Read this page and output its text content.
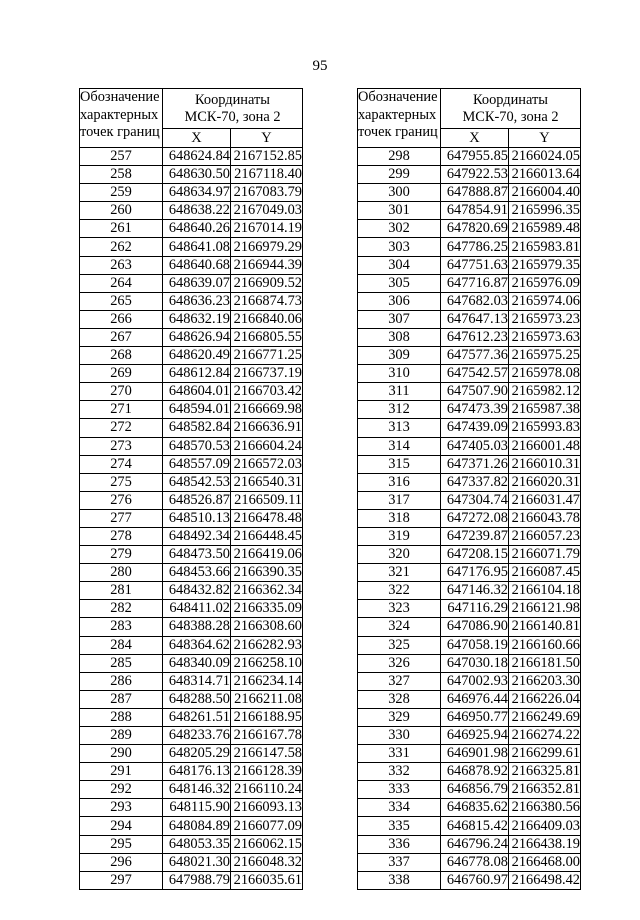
95
Обозначение
характерных
точек границ	Координаты
МСК-70, зона 2	
	X	Y
257	648624.84	2167152.85
258	648630.50	2167118.40
259	648634.97	2167083.79
260	648638.22	2167049.03
261	648640.26	2167014.19
262	648641.08	2166979.29
263	648640.68	2166944.39
264	648639.07	2166909.52
265	648636.23	2166874.73
266	648632.19	2166840.06
267	648626.94	2166805.55
268	648620.49	2166771.25
269	648612.84	2166737.19
270	648604.01	2166703.42
271	648594.01	2166669.98
272	648582.84	2166636.91
273	648570.53	2166604.24
274	648557.09	2166572.03
275	648542.53	2166540.31
276	648526.87	2166509.11
277	648510.13	2166478.48
278	648492.34	2166448.45
279	648473.50	2166419.06
280	648453.66	2166390.35
281	648432.82	2166362.34
282	648411.02	2166335.09
283	648388.28	2166308.60
284	648364.62	2166282.93
285	648340.09	2166258.10
286	648314.71	2166234.14
287	648288.50	2166211.08
288	648261.51	2166188.95
289	648233.76	2166167.78
290	648205.29	2166147.58
291	648176.13	2166128.39
292	648146.32	2166110.24
293	648115.90	2166093.13
294	648084.89	2166077.09
295	648053.35	2166062.15
296	648021.30	2166048.32
297	647988.79	2166035.61
Обозначение
характерных
точек границ	Координаты
МСК-70, зона 2	
	X	Y
298	647955.85	2166024.05
299	647922.53	2166013.64
300	647888.87	2166004.40
301	647854.91	2165996.35
302	647820.69	2165989.48
303	647786.25	2165983.81
304	647751.63	2165979.35
305	647716.87	2165976.09
306	647682.03	2165974.06
307	647647.13	2165973.23
308	647612.23	2165973.63
309	647577.36	2165975.25
310	647542.57	2165978.08
311	647507.90	2165982.12
312	647473.39	2165987.38
313	647439.09	2165993.83
314	647405.03	2166001.48
315	647371.26	2166010.31
316	647337.82	2166020.31
317	647304.74	2166031.47
318	647272.08	2166043.78
319	647239.87	2166057.23
320	647208.15	2166071.79
321	647176.95	2166087.45
322	647146.32	2166104.18
323	647116.29	2166121.98
324	647086.90	2166140.81
325	647058.19	2166160.66
326	647030.18	2166181.50
327	647002.93	2166203.30
328	646976.44	2166226.04
329	646950.77	2166249.69
330	646925.94	2166274.22
331	646901.98	2166299.61
332	646878.92	2166325.81
333	646856.79	2166352.81
334	646835.62	2166380.56
335	646815.42	2166409.03
336	646796.24	2166438.19
337	646778.08	2166468.00
338	646760.97	2166498.42
